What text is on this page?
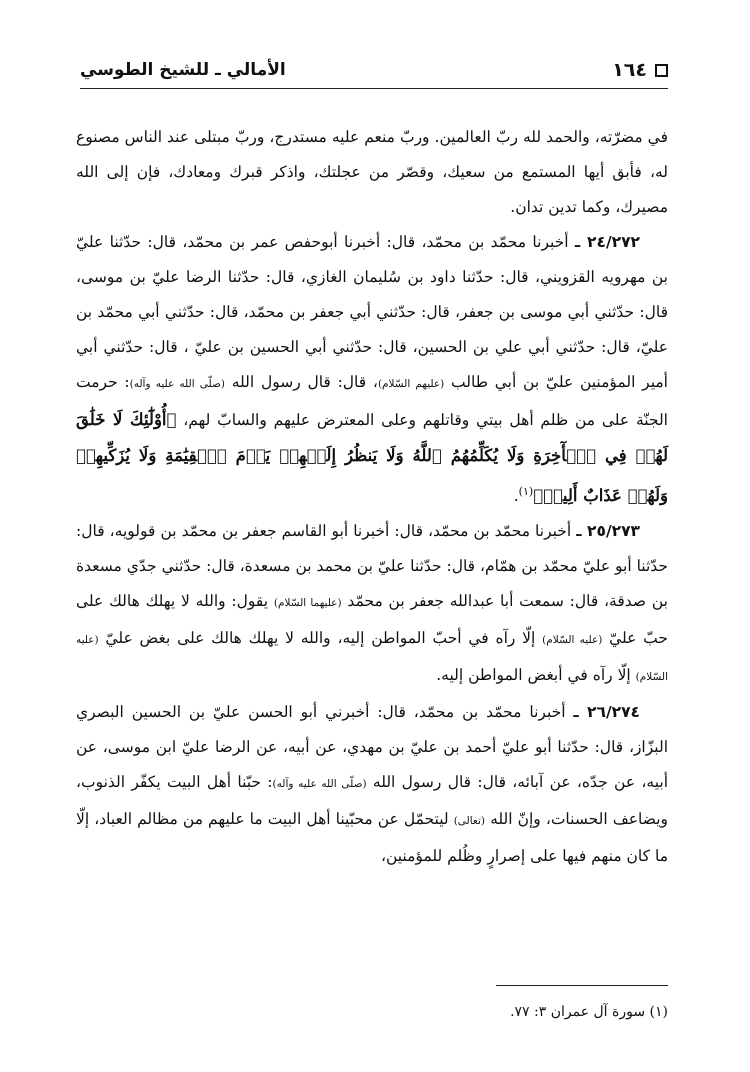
١٦٤
الأمالي ـ للشيخ الطوسي

في مضرّته، والحمد لله ربّ العالمين. وربّ منعم عليه مستدرج، وربّ مبتلى عند الناس مصنوع له، فأبق أيها المستمع من سعيك، وقصّر من عجلتك، واذكر قبرك ومعادك، فإن إلى الله مصيرك، وكما تدين تدان.

٢٤/٢٧٢ ـ أخبرنا محمّد بن محمّد، قال: أخبرنا أبوحفص عمر بن محمّد، قال: حدّثنا عليّ بن مهرويه القزويني، قال: حدّثنا داود بن سُليمان الغازي، قال: حدّثنا الرضا عليّ بن موسى، قال: حدّثني أبي موسى بن جعفر، قال: حدّثني أبي جعفر بن محمّد، قال: حدّثني أبي محمّد بن عليّ، قال: حدّثني أبي علي بن الحسين، قال: حدّثني أبي الحسين بن عليّ ، قال: حدّثني أبي أمير المؤمنين عليّ بن أبي طالب (عليهم السّلام)، قال: قال رسول الله (صلّى الله عليه وآله): حرمت الجنّة على من ظلم أهل بيتي وقاتلهم وعلى المعترض عليهم والسابّ لهم، ﴿أُوْلَٰٓئِكَ لَا خَلَٰقَ لَهُمۡ فِي ٱلۡأٓخِرَةِ وَلَا يُكَلِّمُهُمُ ٱللَّهُ وَلَا يَنظُرُ إِلَيۡهِمۡ يَوۡمَ ٱلۡقِيَٰمَةِ وَلَا يُزَكِّيهِمۡ وَلَهُمۡ عَذَابٌ أَلِيمٞ﴾$^{(١)}$.

٢٥/٢٧٣ ـ أخبرنا محمّد بن محمّد، قال: أخبرنا أبو القاسم جعفر بن محمّد بن قولويه، قال: حدّثنا أبو عليّ محمّد بن همّام، قال: حدّثنا عليّ بن محمد بن مسعدة، قال: حدّثني جدّي مسعدة بن صدقة، قال: سمعت أبا عبدالله جعفر بن محمّد (عليهما السّلام) يقول: والله لا يهلك هالك على حبّ عليّ (عليه السّلام) إلّا رآه في أحبّ المواطن إليه، والله لا يهلك هالك على بغض عليّ (عليه السّلام) إلّا رآه في أبغض المواطن إليه.

٢٦/٢٧٤ ـ أخبرنا محمّد بن محمّد، قال: أخبرني أبو الحسن عليّ بن الحسين البصري البزّاز، قال: حدّثنا أبو عليّ أحمد بن عليّ بن مهدي، عن أبيه، عن الرضا عليّ ابن موسى، عن أبيه، عن جدّه، عن آبائه، قال: قال رسول الله (صلّى الله عليه وآله): حبّنا أهل البيت يكفّر الذنوب، ويضاعف الحسنات، وإنّ الله (تعالى) ليتحمّل عن محبّينا أهل البيت ما عليهم من مظالم العباد، إلّا ما كان منهم فيها على إصرارٍ وظُلم للمؤمنين،

(١) سورة آل عمران ٣: ٧٧.
